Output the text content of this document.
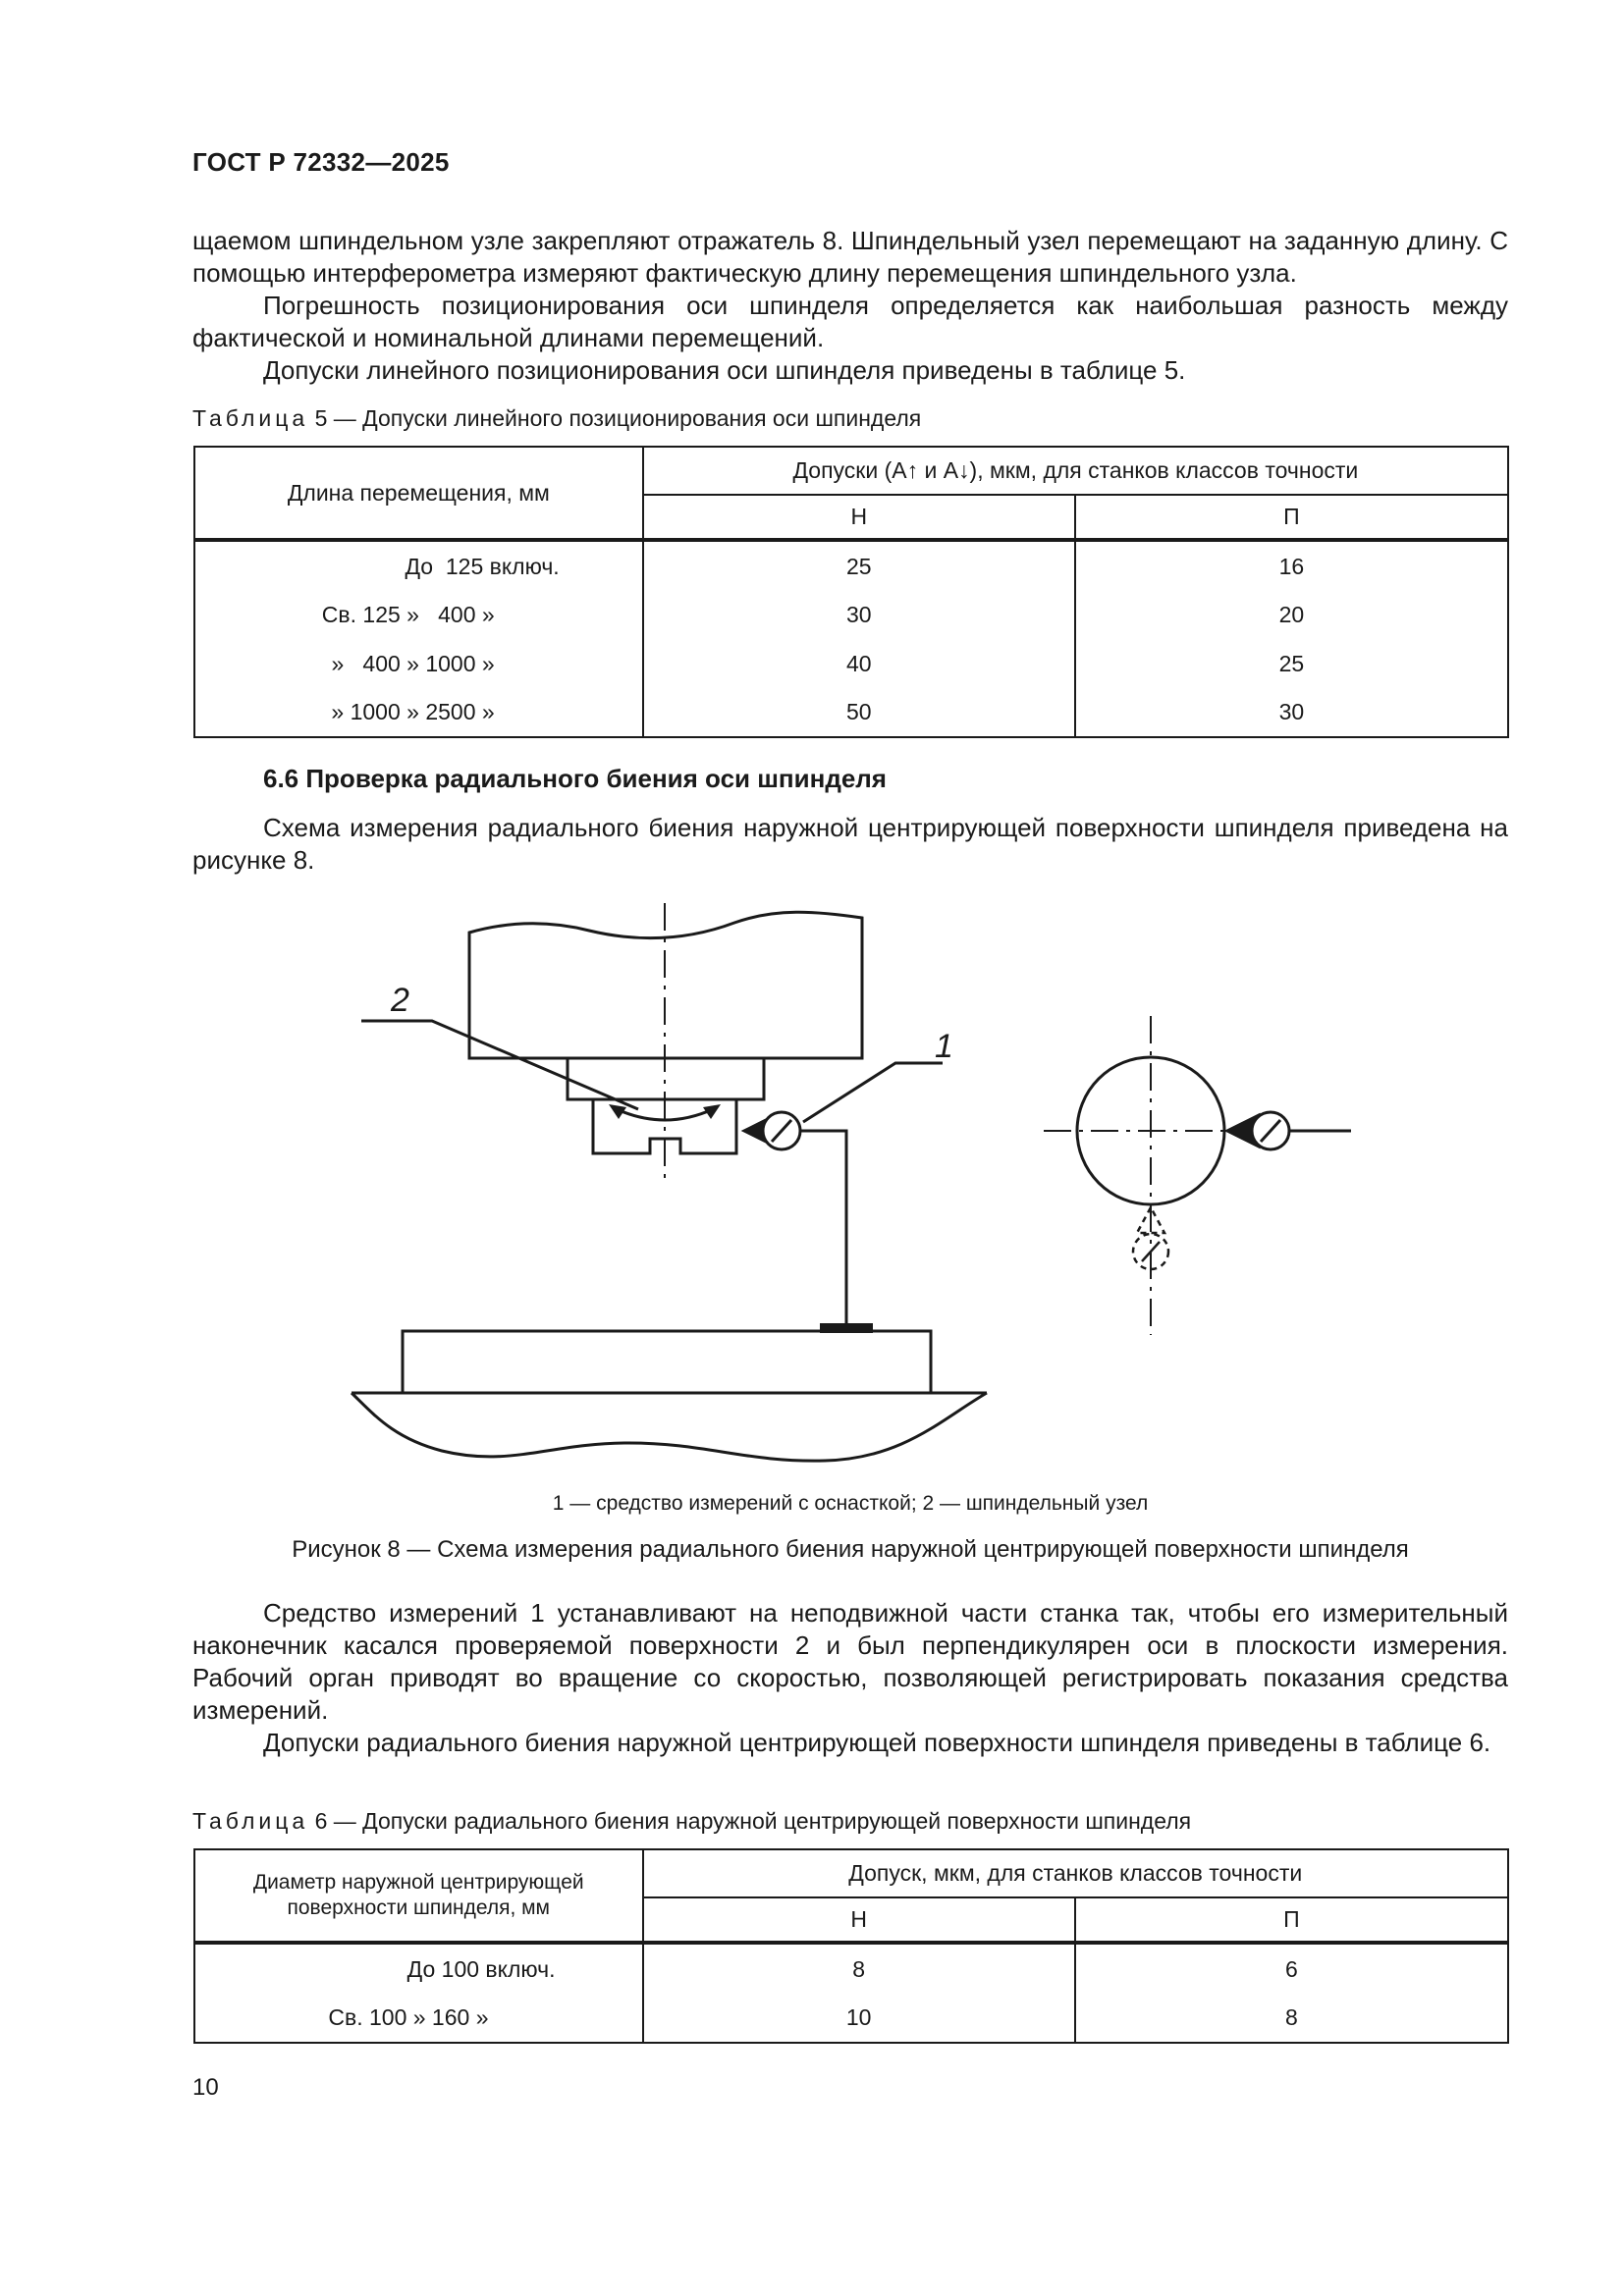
ГОСТ Р 72332—2025

щаемом шпиндельном узле закрепляют отражатель 8. Шпиндельный узел перемещают на заданную длину. С помощью интерферометра измеряют фактическую длину перемещения шпиндельного узла.

Погрешность позиционирования оси шпинделя определяется как наибольшая разность между фактической и номинальной длинами перемещений.

Допуски линейного позиционирования оси шпинделя приведены в таблице 5.

Таблица 5 — Допуски линейного позиционирования оси шпинделя
Длина перемещения, мм	Допуски (A↑ и A↓), мкм, для станков классов точности	
	Н	П
До  125 включ.	25	16
Св. 125 »   400 »	30	20
»   400 » 1000 »	40	25
» 1000 » 2500 »	50	30
6.6 Проверка радиального биения оси шпинделя

Схема измерения радиального биения наружной центрирующей поверхности шпинделя приведена на рисунке 8.

2
1
1 — средство измерений с оснасткой; 2 — шпиндельный узел
Рисунок 8 — Схема измерения радиального биения наружной центрирующей поверхности шпинделя

Средство измерений 1 устанавливают на неподвижной части станка так, чтобы его измерительный наконечник касался проверяемой поверхности 2 и был перпендикулярен оси в плоскости измерения. Рабочий орган приводят во вращение со скоростью, позволяющей регистрировать показания средства измерений.

Допуски радиального биения наружной центрирующей поверхности шпинделя приведены в таблице 6.

Таблица 6 — Допуски радиального биения наружной центрирующей поверхности шпинделя
Диаметр наружной центрирующей поверхности шпинделя, мм	Допуск, мкм, для станков классов точности	
	Н	П
До 100 включ.	8	6
Св. 100 » 160 »	10	8
10
